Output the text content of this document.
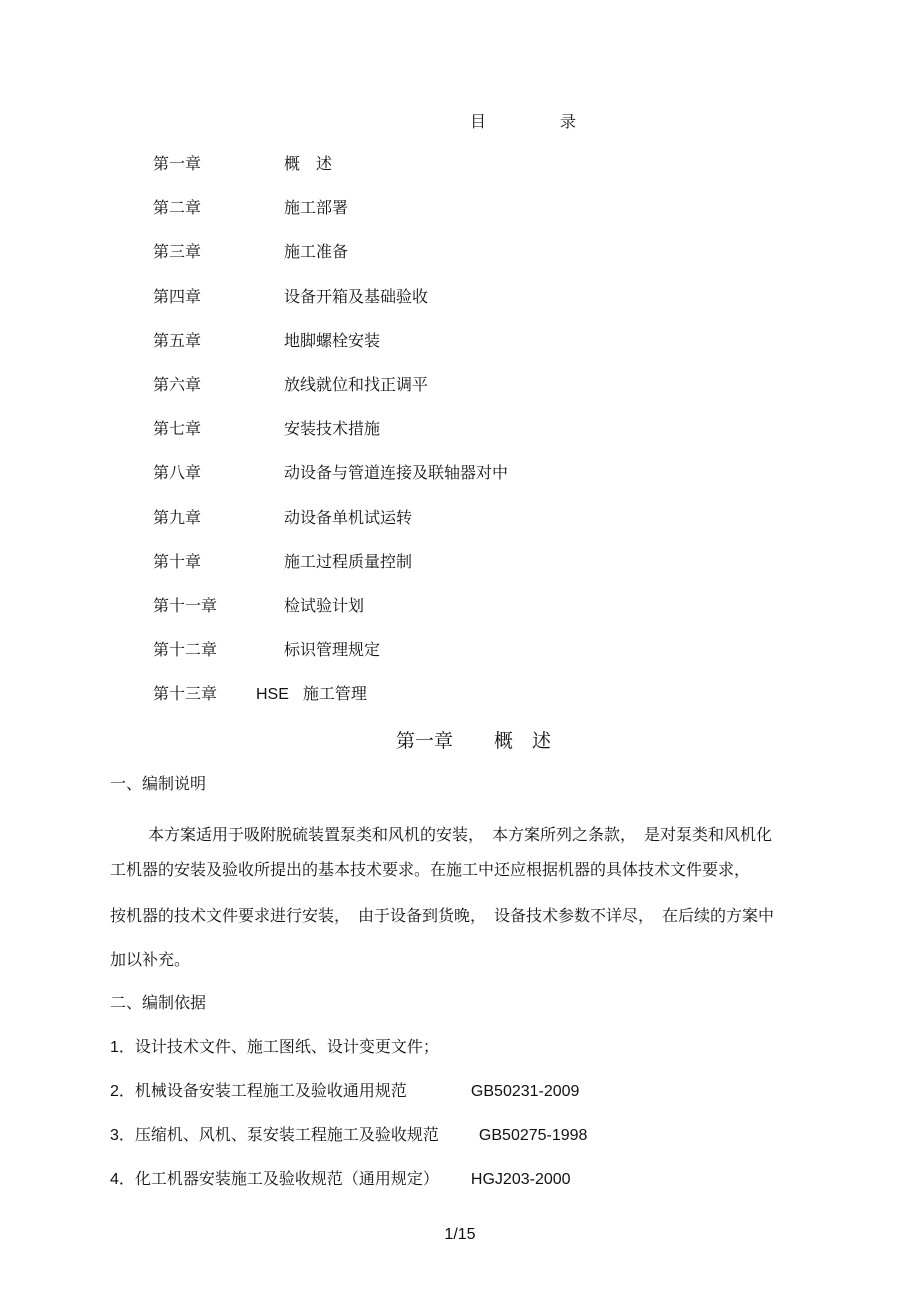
目	录
第一章	概　述
第二章	施工部署
第三章	施工准备
第四章	设备开箱及基础验收
第五章	地脚螺栓安装
第六章	放线就位和找正调平
第七章	安装技术措施
第八章	动设备与管道连接及联轴器对中
第九章	动设备单机试运转
第十章	施工过程质量控制
第十一章	检试验计划
第十二章	标识管理规定
第十三章 HSE 施工管理
第一章 概　述
一、编制说明
本方案适用于吸附脱硫装置泵类和风机的安装，　本方案所列之条款，　是对泵类和风机化
工机器的安装及验收所提出的基本技术要求。在施工中还应根据机器的具体技术文件要求，
按机器的技术文件要求进行安装，　由于设备到货晚，　设备技术参数不详尽，　在后续的方案中
加以补充。
二、编制依据
1．设计技术文件、施工图纸、设计变更文件；
2．机械设备安装工程施工及验收通用规范	GB50231-2009
3．压缩机、风机、泵安装工程施工及验收规范	GB50275-1998
4．化工机器安装施工及验收规范（通用规定） HGJ203-2000
1/15
